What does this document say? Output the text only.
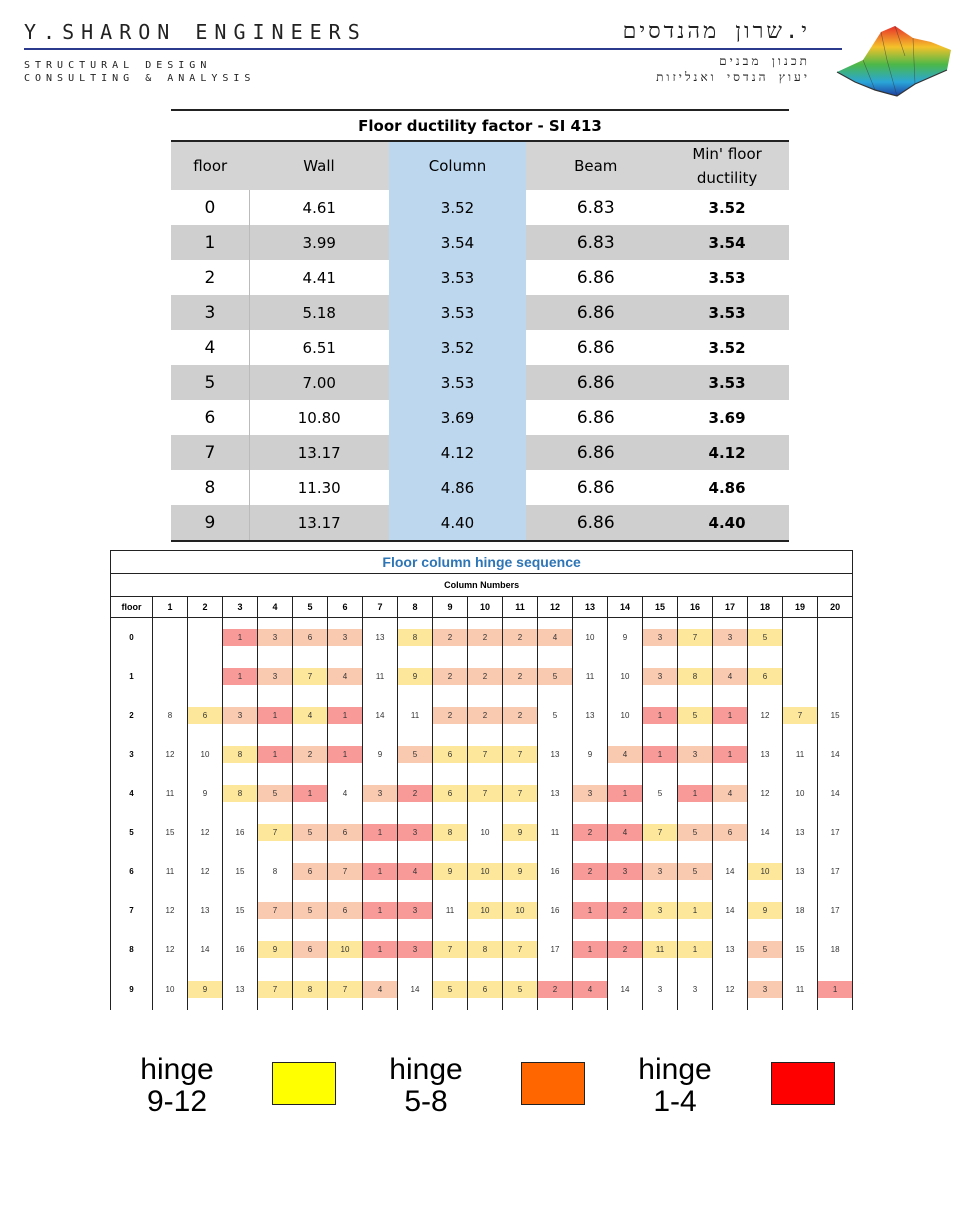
Y.SHARON ENGINEERS
STRUCTURAL DESIGN
CONSULTING & ANALYSIS
י.שרון מהנדסים
תכנון מבנים
יעוץ הנדסי ואנליזות
Floor ductility factor - SI 413				
floor	Wall	Column	Beam	Min' floor
ductility
0	4.61	3.52	6.83	3.52
1	3.99	3.54	6.83	3.54
2	4.41	3.53	6.86	3.53
3	5.18	3.53	6.86	3.53
4	6.51	3.52	6.86	3.52
5	7.00	3.53	6.86	3.53
6	10.80	3.69	6.86	3.69
7	13.17	4.12	6.86	4.12
8	11.30	4.86	6.86	4.86
9	13.17	4.40	6.86	4.40
Floor column hinge sequence																				
Column Numbers																				
floor	1	2	3	4	5	6	7	8	9	10	11	12	13	14	15	16	17	18	19	20
0			1	3	6	3	13	8	2	2	2	4	10	9	3	7	3	5		

1			1	3	7	4	11	9	2	2	2	5	11	10	3	8	4	6		

2	8	6	3	1	4	1	14	11	2	2	2	5	13	10	1	5	1	12	7	15

3	12	10	8	1	2	1	9	5	6	7	7	13	9	4	1	3	1	13	11	14

4	11	9	8	5	1	4	3	2	6	7	7	13	3	1	5	1	4	12	10	14

5	15	12	16	7	5	6	1	3	8	10	9	11	2	4	7	5	6	14	13	17

6	11	12	15	8	6	7	1	4	9	10	9	16	2	3	3	5	14	10	13	17

7	12	13	15	7	5	6	1	3	11	10	10	16	1	2	3	1	14	9	18	17

8	12	14	16	9	6	10	1	3	7	8	7	17	1	2	11	1	13	5	15	18

9	10	9	13	7	8	7	4	14	5	6	5	2	4	14	3	3	12	3	11	1
hinge
9-12
hinge
5-8
hinge
1-4
